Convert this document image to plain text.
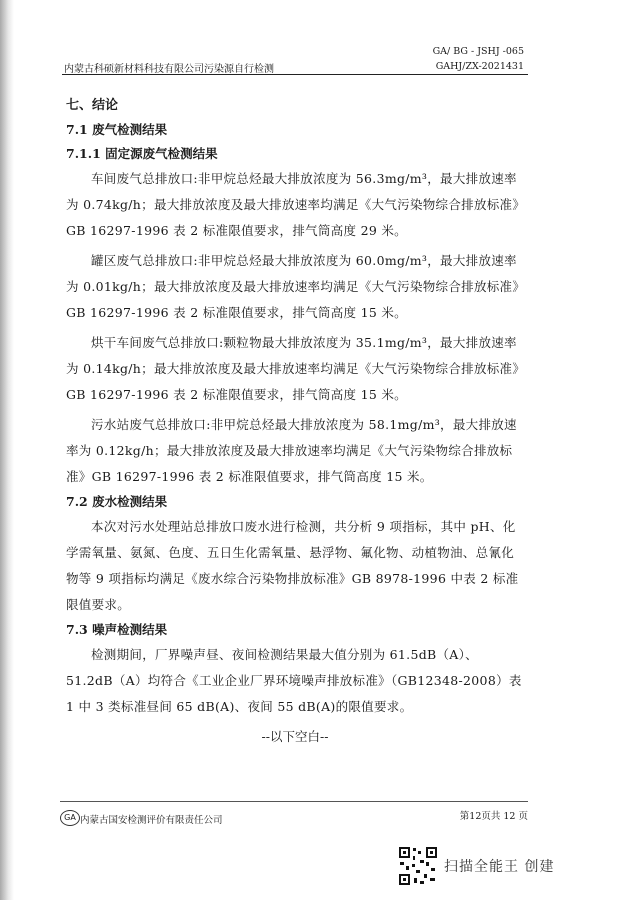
GA/ BG - JSHJ -065
GAHJ/ZX-2021431
内蒙古科硕新材料科技有限公司污染源自行检测
七、结论
7.1 废气检测结果
7.1.1 固定源废气检测结果

车间废气总排放口:非甲烷总烃最大排放浓度为 56.3mg/m³，最大排放速率为 0.74kg/h；最大排放浓度及最大排放速率均满足《大气污染物综合排放标准》GB 16297-1996 表 2 标准限值要求，排气筒高度 29 米。

罐区废气总排放口:非甲烷总烃最大排放浓度为 60.0mg/m³，最大排放速率为 0.01kg/h；最大排放浓度及最大排放速率均满足《大气污染物综合排放标准》GB 16297-1996 表 2 标准限值要求，排气筒高度 15 米。

烘干车间废气总排放口:颗粒物最大排放浓度为 35.1mg/m³，最大排放速率为 0.14kg/h；最大排放浓度及最大排放速率均满足《大气污染物综合排放标准》GB 16297-1996 表 2 标准限值要求，排气筒高度 15 米。

污水站废气总排放口:非甲烷总烃最大排放浓度为 58.1mg/m³，最大排放速率为 0.12kg/h；最大排放浓度及最大排放速率均满足《大气污染物综合排放标准》GB 16297-1996 表 2 标准限值要求，排气筒高度 15 米。

7.2 废水检测结果

本次对污水处理站总排放口废水进行检测，共分析 9 项指标，其中 pH、化学需氧量、氨氮、色度、五日生化需氧量、悬浮物、氟化物、动植物油、总氰化物等 9 项指标均满足《废水综合污染物排放标准》GB 8978-1996 中表 2 标准限值要求。

7.3 噪声检测结果

检测期间，厂界噪声昼、夜间检测结果最大值分别为 61.5dB（A）、51.2dB（A）均符合《工业企业厂界环境噪声排放标准》（GB12348-2008）表 1 中 3 类标准昼间 65 dB(A)、夜间 55 dB(A)的限值要求。

--以下空白--
GA 内蒙古国安检测评价有限责任公司	第12页共 12 页
扫描全能王 创建
